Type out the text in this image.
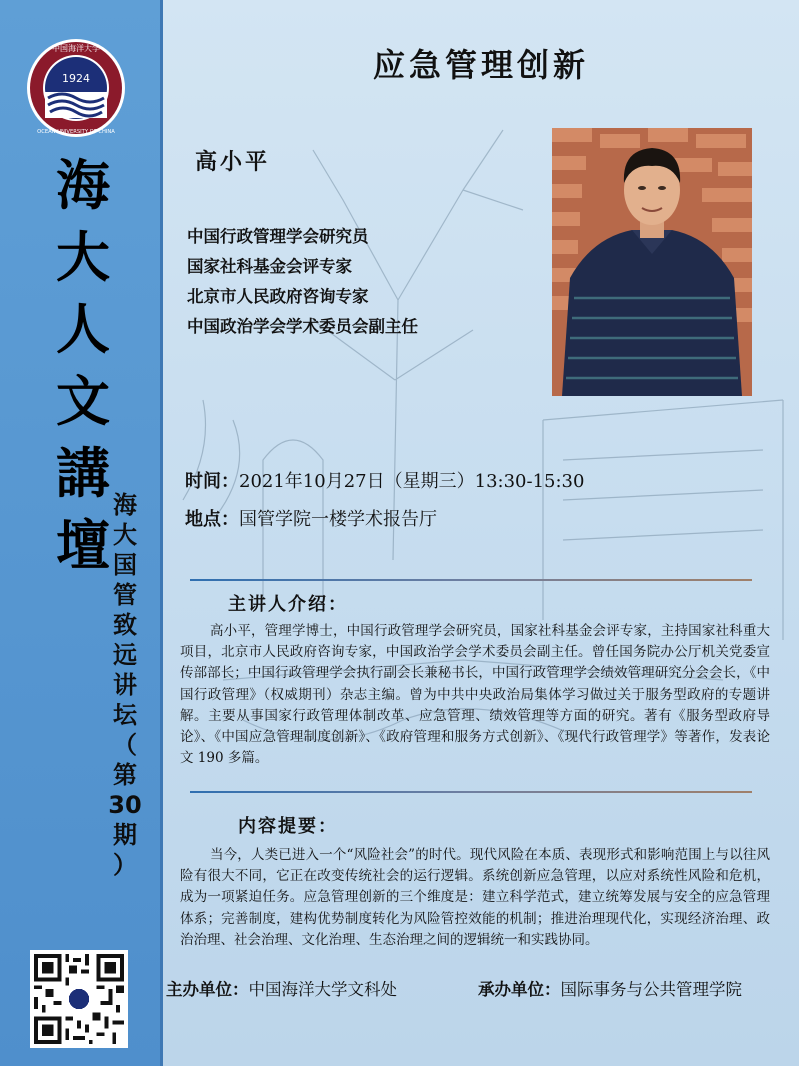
1924
中国海洋大学
OCEAN UNIVERSITY OF CHINA
海
大
人
文
講
壇
海
大
国
管
致
远
讲
坛
（
第
30
期
）
应急管理创新
高小平
中国行政管理学会研究员
国家社科基金会评专家
北京市人民政府咨询专家
中国政治学会学术委员会副主任
时间：2021年10月27日（星期三）13:30-15:30
地点：国管学院一楼学术报告厅
主讲人介绍：
高小平，管理学博士，中国行政管理学会研究员，国家社科基金会评专家，主持国家社科重大项目，北京市人民政府咨询专家，中国政治学会学术委员会副主任。曾任国务院办公厅机关党委宣传部部长；中国行政管理学会执行副会长兼秘书长，中国行政管理学会绩效管理研究分会会长，《中国行政管理》（权威期刊）杂志主编。曾为中共中央政治局集体学习做过关于服务型政府的专题讲解。主要从事国家行政管理体制改革、应急管理、绩效管理等方面的研究。著有《服务型政府导论》、《中国应急管理制度创新》、《政府管理和服务方式创新》、《现代行政管理学》等著作，发表论文 190 多篇。
内容提要：
当今，人类已进入一个“风险社会”的时代。现代风险在本质、表现形式和影响范围上与以往风险有很大不同，它正在改变传统社会的运行逻辑。系统创新应急管理，以应对系统性风险和危机，成为一项紧迫任务。应急管理创新的三个维度是：建立科学范式，建立统筹发展与安全的应急管理体系；完善制度，建构优势制度转化为风险管控效能的机制；推进治理现代化，实现经济治理、政治治理、社会治理、文化治理、生态治理之间的逻辑统一和实践协同。
主办单位：中国海洋大学文科处	承办单位：国际事务与公共管理学院
